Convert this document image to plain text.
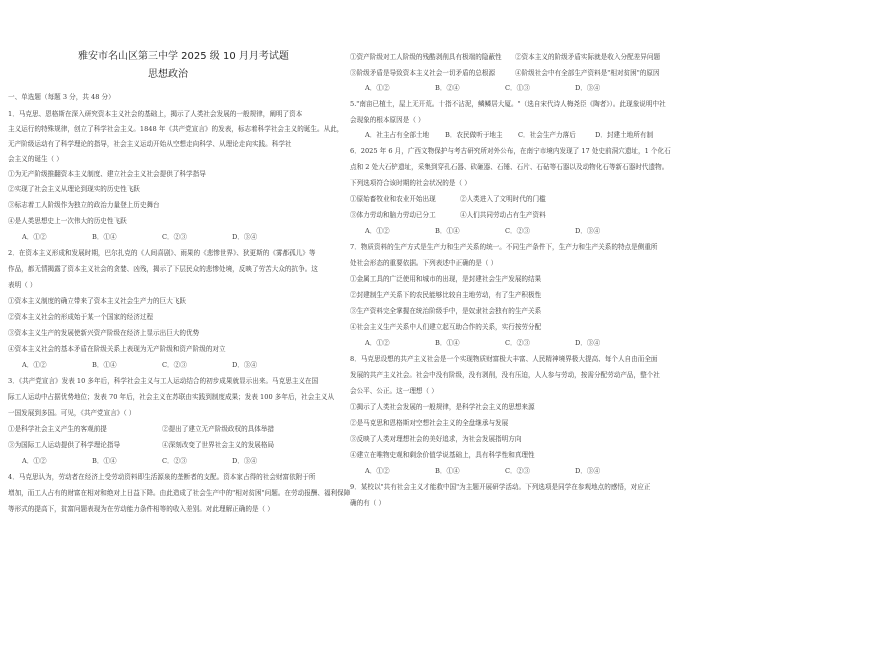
雅安市名山区第三中学 2025 级 10 月月考试题
思想政治
一、单选题（每题 3 分，共 48 分）
1．马克思、恩格斯在深入研究资本主义社会的基础上，揭示了人类社会发展的一般规律，阐明了资本
主义运行的特殊规律，创立了科学社会主义。1848 年《共产党宣言》的发表，标志着科学社会主义的诞生。从此，
无产阶级运动有了科学理论的指导，社会主义运动开始从空想走向科学、从理论走向实践。科学社
会主义的诞生（ ）
①为无产阶级推翻资本主义制度、建立社会主义社会提供了科学指导
②实现了社会主义从理论到现实的历史性飞跃
③标志着工人阶级作为独立的政治力量登上历史舞台
④是人类思想史上一次伟大的历史性飞跃
A．①②	B．①④	C．②③	D．③④
2．在资本主义形成和发展时期，巴尔扎克的《人间喜剧》、雨果的《悲惨世界》、狄更斯的《雾都孤儿》等
作品，都无情揭露了资本主义社会的贪婪、凶残，揭示了下层民众的悲惨处境，反映了劳苦大众的抗争。这
表明（ ）
①资本主义制度的确立带来了资本主义社会生产力的巨大飞跃
②资本主义社会的形成始于某一个国家的经济过程
③资本主义生产的发展使新兴资产阶级在经济上显示出巨大的优势
④资本主义社会的基本矛盾在阶级关系上表现为无产阶级和资产阶级的对立
A．①②	B．①④	C．②③	D．③④
3．《共产党宣言》发表 10 多年后，科学社会主义与工人运动结合的初步成果就显示出来。马克思主义在国
际工人运动中占据优势地位；发表 70 年后，社会主义在苏联由实践到制度成果；发表 100 多年后，社会主义从
一国发展到多国。可见，《共产党宣言》（ ）
①是科学社会主义产生的客观前提	②提出了建立无产阶级政权的具体举措
③为国际工人运动提供了科学理论指导	④深刻改变了世界社会主义的发展格局
A．①②	B．①④	C．②③	D．③④
4．马克思认为，劳动者在经济上受劳动资料即生活源泉的垄断者的支配。资本家占得的社会财富依附于所
增加，而工人占有的财富在相对和绝对上日益下降。由此造成了社会生产中的"相对贫困"问题。在劳动报酬、福利保障
等形式的提高下，贫富问题表现为在劳动能力条件相等的收入差别。对此理解正确的是（ ）
①资产阶级对工人阶级的残酷剥削具有极端的隐蔽性 ②资本主义的阶级矛盾实际就是收入分配差异问题
③阶级矛盾是导致资本主义社会一切矛盾的总根源	④阶级社会中有全部生产资料是"相对贫困"的原因
A．①②	B．②④	C．①③	D．③④
5."南亩已植土，屋上无开荒。十指不沾泥，鳞鳞居大厦。"（选自宋代诗人梅尧臣《陶者》）。此现象说明中社
会现象的根本原因是（ ）
A．社主占有全部土地 B．农民做听于地主 C．社会生产力落后	D．封建土地所有制
6．2025 年 6 月，广西文物保护与考古研究所对外公布，在南宁市境内发现了 17 处史前洞穴遗址，1 个化石
点和 2 处大石铲遗址，采集到穿孔石器、砍砸器、石锤、石片、石砧等石器以及动物化石等新石器时代遗物。
下列选项符合该时期的社会状况的是（ ）
①原始畜牧业和农业开始出现	②人类进入了文明时代的门槛
③体力劳动和脑力劳动已分工	④人们共同劳动占有生产资料
A．①②	B．①④	C．②③	D．③④
7．物质资料的生产方式是生产力和生产关系的统一。不同生产条件下，生产力和生产关系的特点是侧重所
处社会形态的重要依据。下列表述中正确的是（ ）
①金属工具的广泛使用和城市的出现，是封建社会生产发展的结果
②封建制生产关系下的农民能够比较自主地劳动，有了生产积极性
③生产资料完全掌握在统治阶级手中，是奴隶社会独有的生产关系
④社会主义生产关系中人们建立起互助合作的关系，实行按劳分配
A．①②	B．①④	C．②③	D．③④
8．马克思设想的共产主义社会是一个实现物质财富极大丰富、人民精神境界极大提高、每个人自由而全面
发展的共产主义社会。社会中没有阶级，没有剥削，没有压迫，人人参与劳动，按需分配劳动产品，整个社
会公平、公正。这一理想（ ）
①揭示了人类社会发展的一般规律，是科学社会主义的思想来源
②是马克思和恩格斯对空想社会主义的全盘继承与发展
③反映了人类对理想社会的美好追求，为社会发展指明方向
④建立在唯物史观和剩余价值学说基础上，具有科学性和真理性
A．①②	B．①④	C．②③	D．③④
9．某校以"共有社会主义才能救中国"为主题开展研学活动。下列选项是同学在参观地点的感悟，对应正
确的有（ ）
